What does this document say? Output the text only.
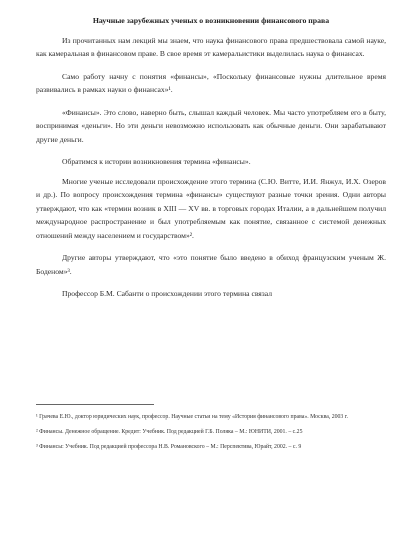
Научные зарубежных ученых о возникновении финансового права

Из прочитанных нам лекций мы знаем, что наука финансового права предшествовала самой науке, как камеральная в финансовом праве. В свое время эт камеральистики выделилась наука о финансах.

Само работу начну с понятия «финансы», «Поскольку финансовые нужны длительное время развивались в рамках науки о финансах»¹.

«Финансы». Это слово, наверно быть, слышал каждый человек. Мы часто употребляем его в быту, воспринимая «деньги». Но эти деньги невозможно использовать как обычные деньги. Они зарабатывают другие деньги.

Обратимся к истории возникновения термина «финансы».

Многие ученые исследовали происхождение этого термина (С.Ю. Витте, И.И. Янжул, И.Х. Озеров и др.). По вопросу происхождения термина «финансы» существуют разные точки зрения. Одни авторы утверждают, что как «термин возник в XIII — XV вв. в торговых городах Италии, а в дальнейшем получил международное распространение и был употребляемым как понятие, связанное с системой денежных отношений между населением и государством»².

Другие авторы утверждают, что «это понятие было введено в обиход французским ученым Ж. Боденом»³.

Профессор Б.М. Сабанти о происхождении этого термина связал

¹ Грачева Е.Ю., доктор юридических наук, профессор. Научные статьи на тему «История финансового права». Москва, 2003 г.

² Финансы. Денежное обращение. Кредит: Учебник. Под редакцией Г.Б. Поляка – М.: ЮНИТИ, 2001. – с.25

³ Финансы: Учебник. Под редакцией профессора Н.В. Романовского – М.: Перспектива, Юрайт, 2002. – с. 9
